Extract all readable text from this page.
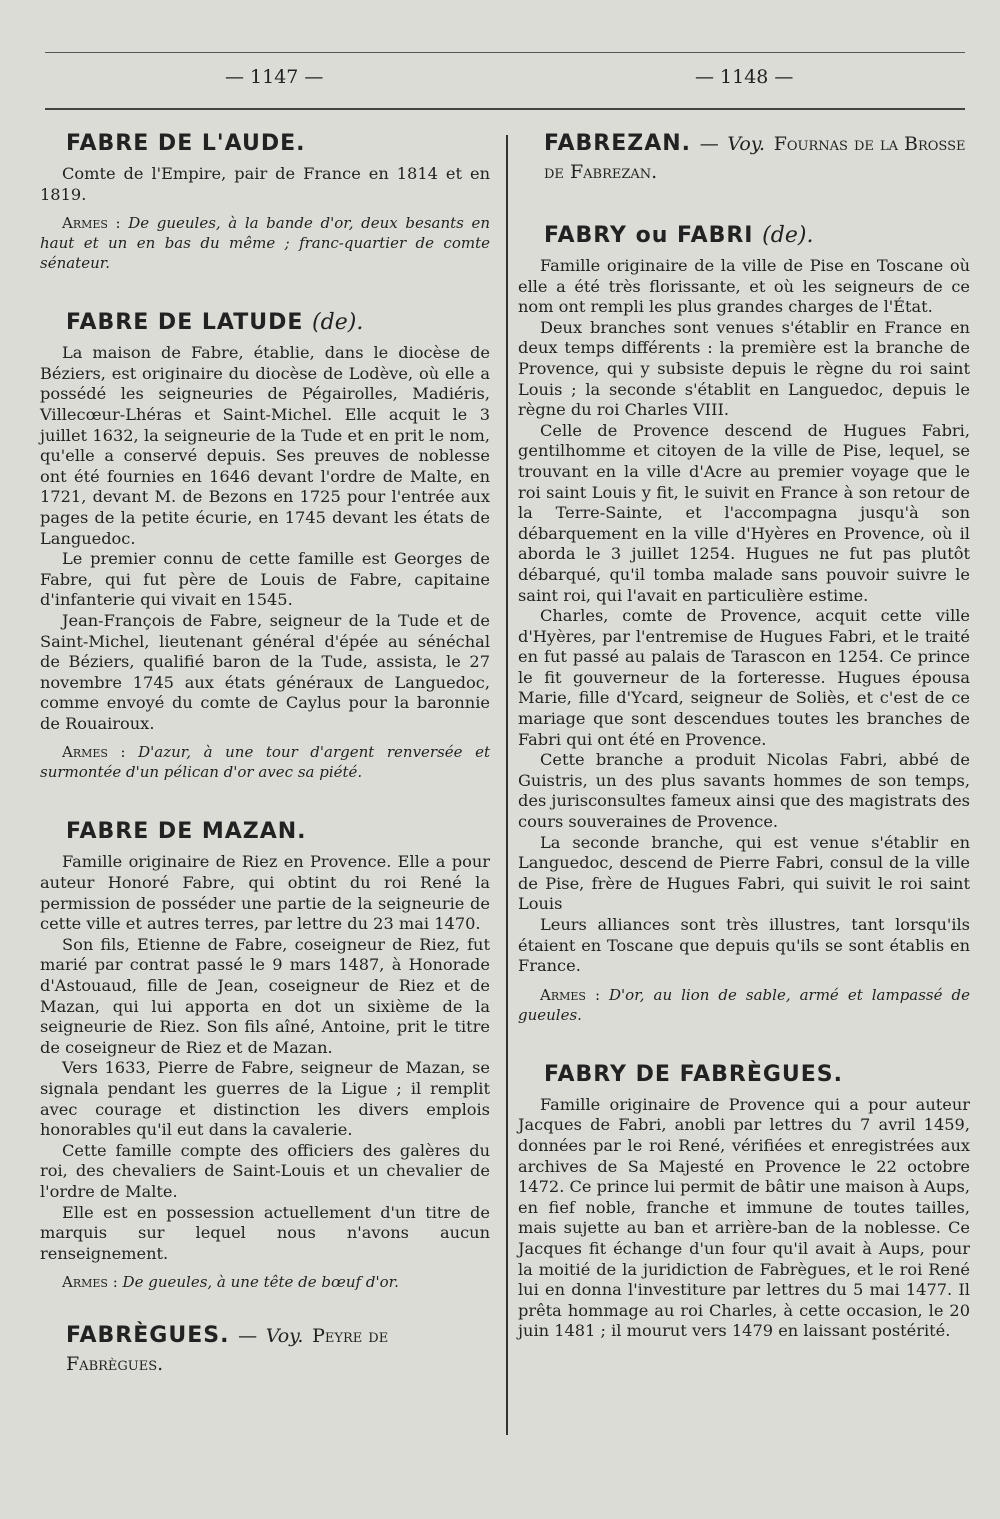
— 1147 —	— 1148 —
FABRE DE L'AUDE.

Comte de l'Empire, pair de France en 1814 et en 1819.

Armes : De gueules, à la bande d'or, deux besants en haut et un en bas du même ; franc-quartier de comte sénateur.

FABRE DE LATUDE (de).

La maison de Fabre, établie, dans le diocèse de Béziers, est originaire du diocèse de Lodève, où elle a possédé les seigneuries de Pégairolles, Madiéris, Villecœur-Lhéras et Saint-Michel. Elle acquit le 3 juillet 1632, la seigneurie de la Tude et en prit le nom, qu'elle a conservé depuis. Ses preuves de noblesse ont été fournies en 1646 devant l'ordre de Malte, en 1721, devant M. de Bezons en 1725 pour l'entrée aux pages de la petite écurie, en 1745 devant les états de Languedoc.

Le premier connu de cette famille est Georges de Fabre, qui fut père de Louis de Fabre, capitaine d'infanterie qui vivait en 1545.

Jean-François de Fabre, seigneur de la Tude et de Saint-Michel, lieutenant général d'épée au sénéchal de Béziers, qualifié baron de la Tude, assista, le 27 novembre 1745 aux états généraux de Languedoc, comme envoyé du comte de Caylus pour la baronnie de Rouairoux.

Armes : D'azur, à une tour d'argent renversée et surmontée d'un pélican d'or avec sa piété.

FABRE DE MAZAN.

Famille originaire de Riez en Provence. Elle a pour auteur Honoré Fabre, qui obtint du roi René la permission de posséder une partie de la seigneurie de cette ville et autres terres, par lettre du 23 mai 1470.

Son fils, Etienne de Fabre, coseigneur de Riez, fut marié par contrat passé le 9 mars 1487, à Honorade d'Astouaud, fille de Jean, coseigneur de Riez et de Mazan, qui lui apporta en dot un sixième de la seigneurie de Riez. Son fils aîné, Antoine, prit le titre de coseigneur de Riez et de Mazan.

Vers 1633, Pierre de Fabre, seigneur de Mazan, se signala pendant les guerres de la Ligue ; il remplit avec courage et distinction les divers emplois honorables qu'il eut dans la cavalerie.

Cette famille compte des officiers des galères du roi, des chevaliers de Saint-Louis et un chevalier de l'ordre de Malte.

Elle est en possession actuellement d'un titre de marquis sur lequel nous n'avons aucun renseignement.

Armes : De gueules, à une tête de bœuf d'or.

FABRÈGUES. — Voy. Peyre de Fabrègues.
FABREZAN. — Voy. Fournas de la Brosse de Fabrezan.
FABRY ou FABRI (de).

Famille originaire de la ville de Pise en Toscane où elle a été très florissante, et où les seigneurs de ce nom ont rempli les plus grandes charges de l'État.

Deux branches sont venues s'établir en France en deux temps différents : la première est la branche de Provence, qui y subsiste depuis le règne du roi saint Louis ; la seconde s'établit en Languedoc, depuis le règne du roi Charles VIII.

Celle de Provence descend de Hugues Fabri, gentilhomme et citoyen de la ville de Pise, lequel, se trouvant en la ville d'Acre au premier voyage que le roi saint Louis y fit, le suivit en France à son retour de la Terre-Sainte, et l'accompagna jusqu'à son débarquement en la ville d'Hyères en Provence, où il aborda le 3 juillet 1254. Hugues ne fut pas plutôt débarqué, qu'il tomba malade sans pouvoir suivre le saint roi, qui l'avait en particulière estime.

Charles, comte de Provence, acquit cette ville d'Hyères, par l'entremise de Hugues Fabri, et le traité en fut passé au palais de Tarascon en 1254. Ce prince le fit gouverneur de la forteresse. Hugues épousa Marie, fille d'Ycard, seigneur de Soliès, et c'est de ce mariage que sont descendues toutes les branches de Fabri qui ont été en Provence.

Cette branche a produit Nicolas Fabri, abbé de Guistris, un des plus savants hommes de son temps, des jurisconsultes fameux ainsi que des magistrats des cours souveraines de Provence.

La seconde branche, qui est venue s'établir en Languedoc, descend de Pierre Fabri, consul de la ville de Pise, frère de Hugues Fabri, qui suivit le roi saint Louis

Leurs alliances sont très illustres, tant lorsqu'ils étaient en Toscane que depuis qu'ils se sont établis en France.

Armes : D'or, au lion de sable, armé et lampassé de gueules.

FABRY DE FABRÈGUES.

Famille originaire de Provence qui a pour auteur Jacques de Fabri, anobli par lettres du 7 avril 1459, données par le roi René, vérifiées et enregistrées aux archives de Sa Majesté en Provence le 22 octobre 1472. Ce prince lui permit de bâtir une maison à Aups, en fief noble, franche et immune de toutes tailles, mais sujette au ban et arrière-ban de la noblesse. Ce Jacques fit échange d'un four qu'il avait à Aups, pour la moitié de la juridiction de Fabrègues, et le roi René lui en donna l'investiture par lettres du 5 mai 1477. Il prêta hommage au roi Charles, à cette occasion, le 20 juin 1481 ; il mourut vers 1479 en laissant postérité.
